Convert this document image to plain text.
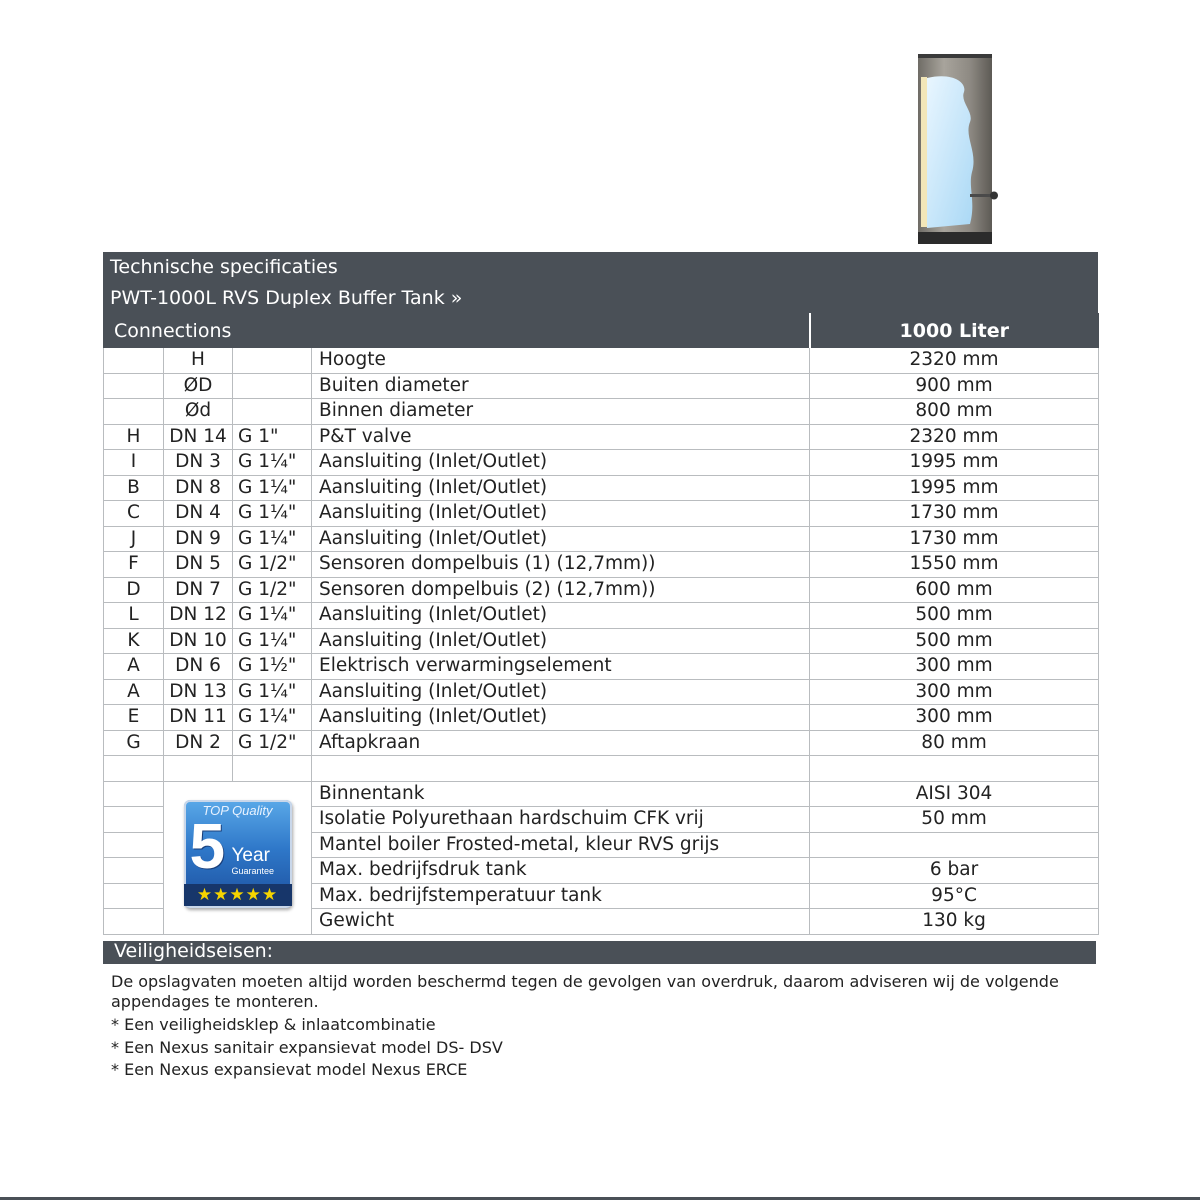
Technische specificaties
PWT-1000L RVS Duplex Buffer Tank »
Connections				1000 Liter
	H		Hoogte	2320 mm
	ØD		Buiten diameter	900 mm
	Ød		Binnen diameter	800 mm
H	DN 14	G 1"	P&T valve	2320 mm
I	DN 3	G 1¼"	Aansluiting (Inlet/Outlet)	1995 mm
B	DN 8	G 1¼"	Aansluiting (Inlet/Outlet)	1995 mm
C	DN 4	G 1¼"	Aansluiting (Inlet/Outlet)	1730 mm
J	DN 9	G 1¼"	Aansluiting (Inlet/Outlet)	1730 mm
F	DN 5	G 1/2"	Sensoren dompelbuis (1) (12,7mm))	1550 mm
D	DN 7	G 1/2"	Sensoren dompelbuis (2) (12,7mm))	600 mm
L	DN 12	G 1¼"	Aansluiting (Inlet/Outlet)	500 mm
K	DN 10	G 1¼"	Aansluiting (Inlet/Outlet)	500 mm
A	DN 6	G 1½"	Elektrisch verwarmingselement	300 mm
A	DN 13	G 1¼"	Aansluiting (Inlet/Outlet)	300 mm
E	DN 11	G 1¼"	Aansluiting (Inlet/Outlet)	300 mm
G	DN 2	G 1/2"	Aftapkraan	80 mm

	TOP Quality
5 Year
Guarantee
★★★★★		Binnentank	AISI 304
			Isolatie Polyurethaan hardschuim CFK vrij	50 mm
			Mantel boiler Frosted-metal, kleur RVS grijs	
			Max. bedrijfsdruk tank	6 bar
			Max. bedrijfstemperatuur tank	95°C
			Gewicht	130 kg
Veiligheidseisen:

De opslagvaten moeten altijd worden beschermd tegen de gevolgen van overdruk, daarom adviseren wij de volgende appendages te monteren.

* Een veiligheidsklep & inlaatcombinatie
* Een Nexus sanitair expansievat model DS- DSV
* Een Nexus expansievat model Nexus ERCE
